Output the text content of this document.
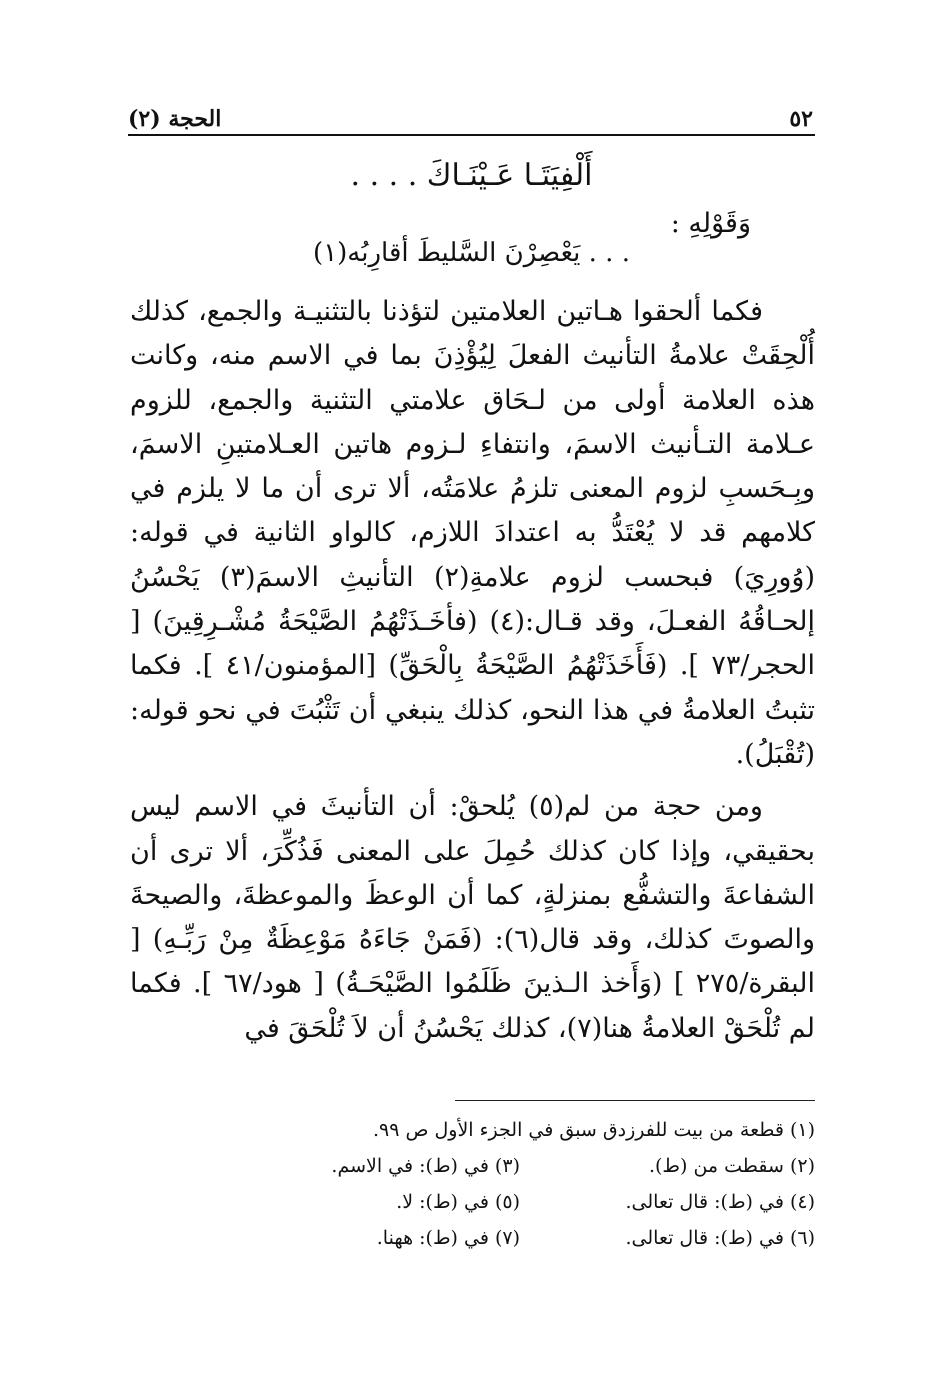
٥٢
الحجة (٢)
أَلْفِيَتَـا عَـيْنَـاكَ . . . .
وَقَوْلِهِ :
. . . يَعْصِرْنَ السَّليطَ أقارِبُه(١)

فكما ألحقوا هـاتين العلامتين لتؤذنا بالتثنيـة والجمع، كذلك أُلْحِقَتْ علامةُ التأنيث الفعلَ لِيُؤْذِنَ بما في الاسم منه، وكانت هذه العلامة أولى من لـحَاق علامتي التثنية والجمع، للزوم عـلامة التـأنيث الاسمَ، وانتفاءِ لـزوم هاتين العـلامتينِ الاسمَ، وبِـحَسبِ لزوم المعنى تلزمُ علامَتُه، ألا ترى أن ما لا يلزم في كلامهم قد لا يُعْتَدُّ به اعتدادَ اللازم، كالواو الثانية في قوله: (وُورِيَ) فبحسب لزوم علامةِ(٢) التأنيثِ الاسمَ(٣) يَحْسُنُ إلحـاقُهُ الفعـلَ، وقد قـال:(٤) (فأخَـذَتْهُمُ الصَّيْحَةُ مُشْـرِقِينَ) [ الحجر/٧٣ ]. (فَأَخَذَتْهُمُ الصَّيْحَةُ بِالْحَقِّ) [المؤمنون/٤١ ]. فكما تثبتُ العلامةُ في هذا النحو، كذلك ينبغي أن تَثْبُتَ في نحو قوله: (تُقْبَلُ).

ومن حجة من لم(٥) يُلحقْ: أن التأنيثَ في الاسم ليس بحقيقي، وإذا كان كذلك حُمِلَ على المعنى فَذُكِّرَ، ألا ترى أن الشفاعةَ والتشفُّع بمنزلةٍ، كما أن الوعظَ والموعظةَ، والصيحةَ والصوتَ كذلك، وقد قال(٦): (فَمَنْ جَاءَهُ مَوْعِظَةٌ مِنْ رَبِّـهِ) [ البقرة/٢٧٥ ] (وَأَخذ الـذينَ ظَلَمُوا الصَّيْحَـةُ) [ هود/٦٧ ]. فكما لم تُلْحَقْ العلامةُ هنا(٧)، كذلك يَحْسُنُ أن لاَ تُلْحَقَ في

(١) قطعة من بيت للفرزدق سبق في الجزء الأول ص ٩٩.

(٢) سقطت من (ط).
(٣) في (ط): في الاسم.
(٤) في (ط): قال تعالى.
(٥) في (ط): لا.
(٦) في (ط): قال تعالى.
(٧) في (ط): ههنا.
